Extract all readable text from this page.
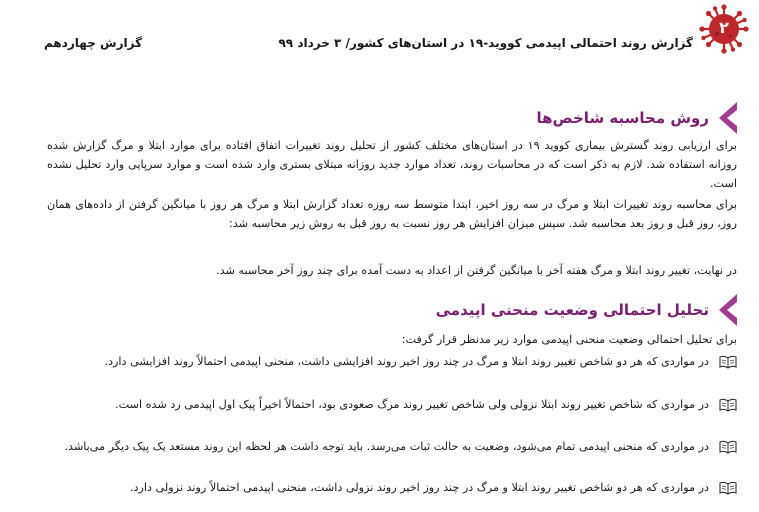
۲
گزارش روند احتمالی اپیدمی کووید-۱۹ در استان‌های کشور/ ۳ خرداد ۹۹
گزارش چهاردهم
روش محاسبه شاخص‌ها

برای ارزیابی روند گسترش بیماری کووید ۱۹ در استان‌های مختلف کشور از تحلیل روند تغییرات اتفاق افتاده برای موارد ابتلا و مرگ گزارش شده روزانه استفاده شد. لازم به ذکر است که در محاسبات روند، تعداد موارد جدید روزانه مبتلای بستری وارد شده است و موارد سرپایی وارد تحلیل نشده است.

برای محاسبه روند تغییرات ابتلا و مرگ در سه روز اخیر، ابتدا متوسط سه روزه تعداد گزارش ابتلا و مرگ هر روز با میانگین گرفتن از داده‌های همان روز، روز قبل و روز بعد محاسبه شد. سپس میزان افزایش هر روز نسبت به روز قبل به روش زیر محاسبه شد:

در نهایت، تغییر روند ابتلا و مرگ هفته آخر با میانگین گرفتن از اعداد به دست آمده برای چند روز آخر محاسبه شد.

تحلیل احتمالی وضعیت منحنی اپیدمی

برای تحلیل احتمالی وضعیت منحنی اپیدمی موارد زیر مدنظر قرار گرفت:

در مواردی که هر دو شاخص تغییر روند ابتلا و مرگ در چند روز اخیر روند افزایشی داشت، منحنی اپیدمی احتمالاً روند افزایشی دارد.
در مواردی که شاخص تغییر روند ابتلا نزولی ولی شاخص تغییر روند مرگ صعودی بود، احتمالاً اخیراً پیک اول اپیدمی رد شده است.
در مواردی که منحنی اپیدمی تمام می‌شود، وضعیت به حالت ثبات می‌رسد. باید توجه داشت هر لحظه این روند مستعد یک پیک دیگر می‌باشد.
در مواردی که هر دو شاخص تغییر روند ابتلا و مرگ در چند روز اخیر روند نزولی داشت، منحنی اپیدمی احتمالاً روند نزولی دارد.
